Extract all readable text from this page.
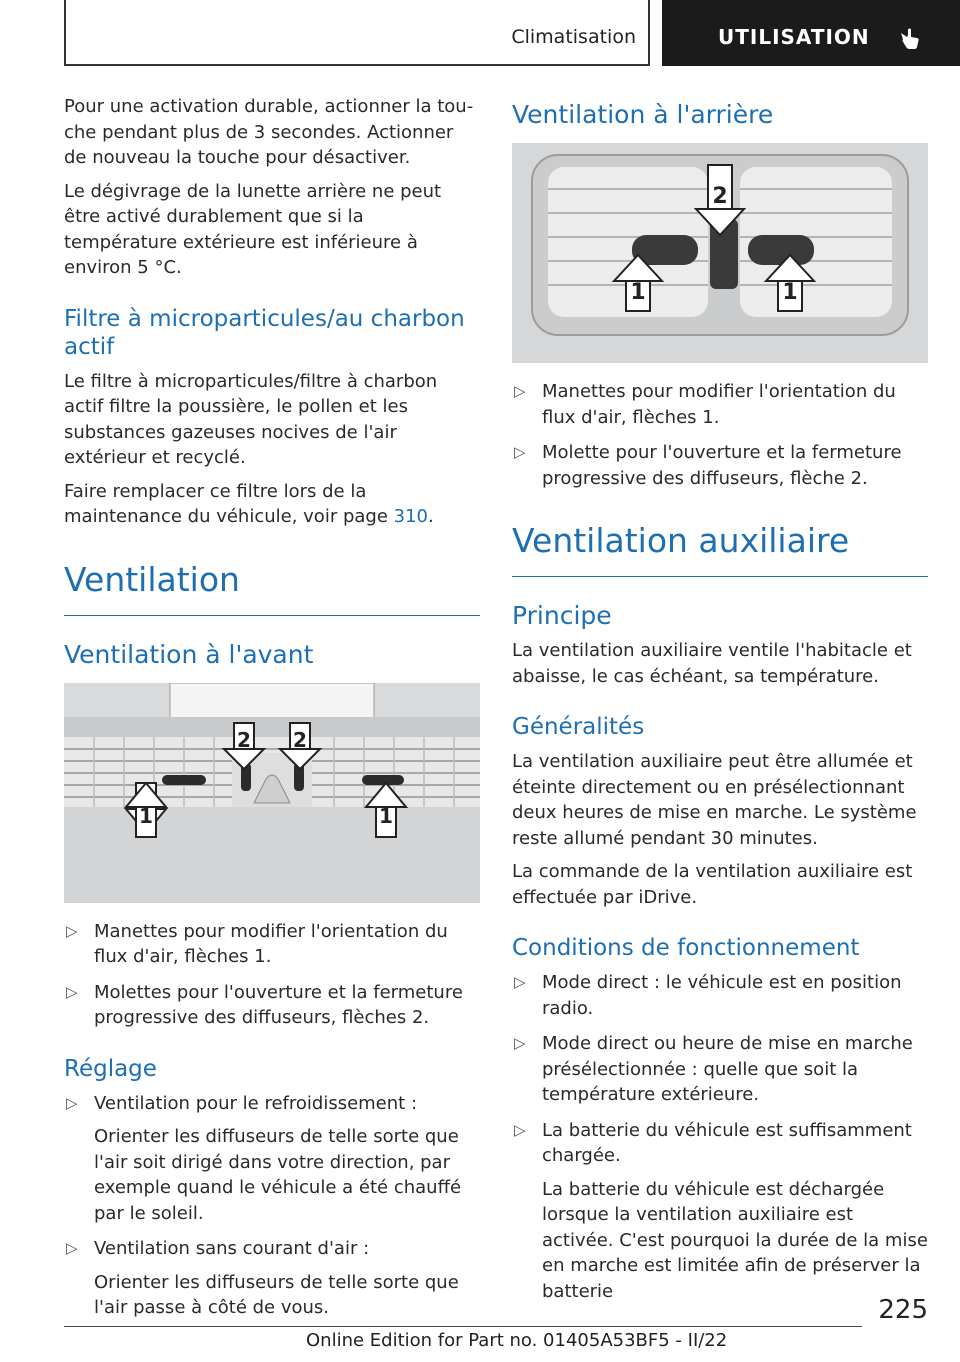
Climatisation	UTILISATION

Pour une activation durable, actionner la touche pendant plus de 3 secondes. Actionner de nouveau la touche pour désactiver.

Le dégivrage de la lunette arrière ne peut être activé durablement que si la température extérieure est inférieure à environ 5 °C.

Filtre à microparticules/au charbon actif

Le filtre à microparticules/filtre à charbon actif filtre la poussière, le pollen et les substances gazeuses nocives de l'air extérieur et recyclé.

Faire remplacer ce filtre lors de la maintenance du véhicule, voir page 310.

Ventilation
Ventilation à l'avant
1	1
2 2
▷ Manettes pour modifier l'orientation du flux d'air, flèches 1.
▷ Molettes pour l'ouverture et la fermeture progressive des diffuseurs, flèches 2.
Réglage
▷ Ventilation pour le refroidissement :

Orienter les diffuseurs de telle sorte que l'air soit dirigé dans votre direction, par exemple quand le véhicule a été chauffé par le soleil.

▷ Ventilation sans courant d'air :

Orienter les diffuseurs de telle sorte que l'air passe à côté de vous.

Ventilation à l'arrière
1	1
2
▷ Manettes pour modifier l'orientation du flux d'air, flèches 1.
▷ Molette pour l'ouverture et la fermeture progressive des diffuseurs, flèche 2.
Ventilation auxiliaire
Principe

La ventilation auxiliaire ventile l'habitacle et abaisse, le cas échéant, sa température.

Généralités

La ventilation auxiliaire peut être allumée et éteinte directement ou en présélectionnant deux heures de mise en marche. Le système reste allumé pendant 30 minutes.

La commande de la ventilation auxiliaire est effectuée par iDrive.

Conditions de fonctionnement
▷ Mode direct : le véhicule est en position radio.
▷ Mode direct ou heure de mise en marche présélectionnée : quelle que soit la température extérieure.
▷ La batterie du véhicule est suffisamment chargée.

La batterie du véhicule est déchargée lorsque la ventilation auxiliaire est activée. C'est pourquoi la durée de la mise en marche est limitée afin de préserver la batterie

225
Online Edition for Part no. 01405A53BF5 - II/22
